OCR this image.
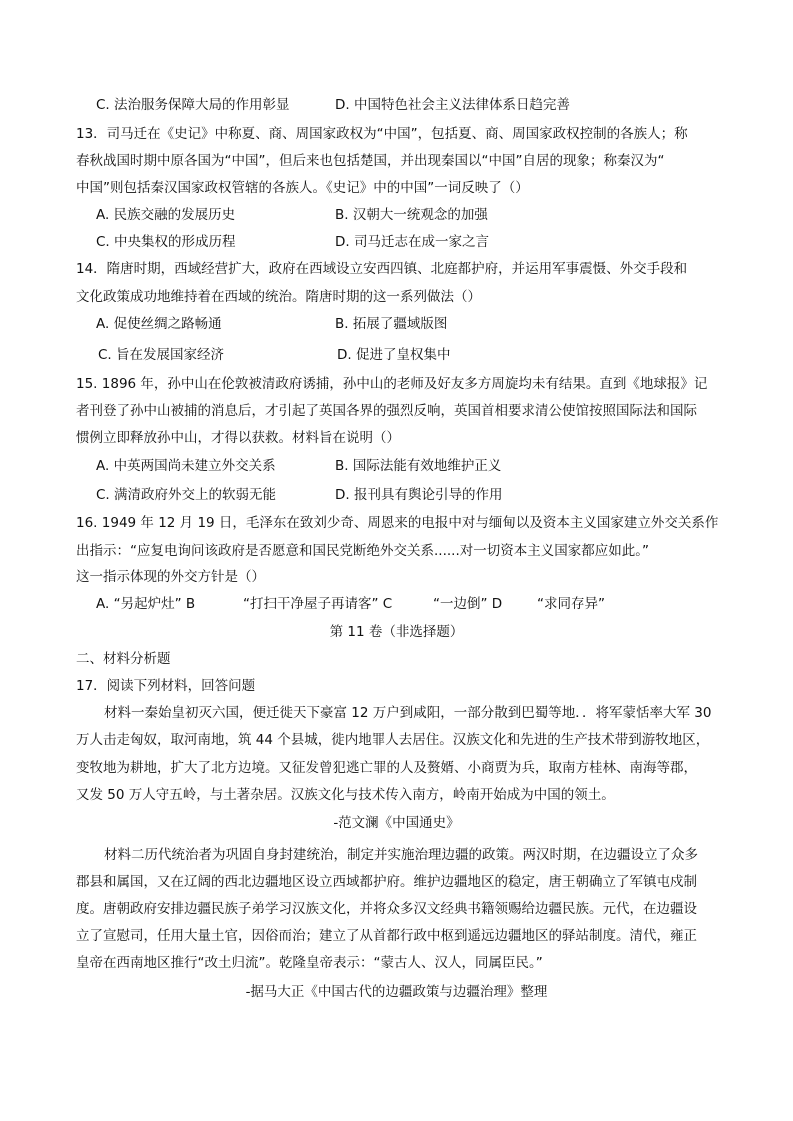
C. 法治服务保障大局的作用彰显	D. 中国特色社会主义法律体系日趋完善
13．司马迁在《史记》中称夏、商、周国家政权为“中国”，包括夏、商、周国家政权控制的各族人；称
春秋战国时期中原各国为“中国”，但后来也包括楚国，并出现秦国以“中国”自居的现象；称秦汉为“
中国”则包括秦汉国家政权管辖的各族人。《史记》中的中国”一词反映了（）
A. 民族交融的发展历史	B. 汉朝大一统观念的加强
C. 中央集权的形成历程	D. 司马迁志在成一家之言
14．隋唐时期，西域经营扩大，政府在西域设立安西四镇、北庭都护府，并运用军事震慑、外交手段和
文化政策成功地维持着在西域的统治。隋唐时期的这一系列做法（）
A. 促使丝绸之路畅通	B. 拓展了疆域版图
C. 旨在发展国家经济	D. 促进了皇权集中
15. 1896 年，孙中山在伦敦被清政府诱捕，孙中山的老师及好友多方周旋均未有结果。直到《地球报》记
者刊登了孙中山被捕的消息后，才引起了英国各界的强烈反响，英国首相要求清公使馆按照国际法和国际
惯例立即释放孙中山，才得以获救。材料旨在说明（）
A. 中英两国尚未建立外交关系	B. 国际法能有效地维护正义
C. 满清政府外交上的软弱无能	D. 报刊具有舆论引导的作用
16. 1949 年 12 月 19 日，毛泽东在致刘少奇、周恩来的电报中对与缅甸以及资本主义国家建立外交关系作
出指示：“应复电询问该政府是否愿意和国民党断绝外交关系......对一切资本主义国家都应如此。”
这一指示体现的外交方针是（）
A. “另起炉灶” B	“打扫干净屋子再请客” C	“一边倒” D	“求同存异”
第 11 卷（非选择题）
二、材料分析题
17．阅读下列材料，回答问题
材料一秦始皇初灭六国，便迁徙天下豪富 12 万户到咸阳，一部分散到巴蜀等地．．将军蒙恬率大军 30
万人击走匈奴，取河南地，筑 44 个县城，徙内地罪人去居住。汉族文化和先进的生产技术带到游牧地区，
变牧地为耕地，扩大了北方边境。又征发曾犯逃亡罪的人及赘婿、小商贾为兵，取南方桂林、南海等郡，
又发 50 万人守五岭，与土著杂居。汉族文化与技术传入南方，岭南开始成为中国的领土。
-范文澜《中国通史》
材料二历代统治者为巩固自身封建统治，制定并实施治理边疆的政策。两汉时期，在边疆设立了众多
郡县和属国，又在辽阔的西北边疆地区设立西域都护府。维护边疆地区的稳定，唐王朝确立了军镇屯戍制
度。唐朝政府安排边疆民族子弟学习汉族文化，并将众多汉文经典书籍领赐给边疆民族。元代，在边疆设
立了宣慰司，任用大量土官，因俗而治；建立了从首都行政中枢到遥远边疆地区的驿站制度。清代，雍正
皇帝在西南地区推行“改土归流”。乾隆皇帝表示：“蒙古人、汉人，同属臣民。”
-据马大正《中国古代的边疆政策与边疆治理》整理
